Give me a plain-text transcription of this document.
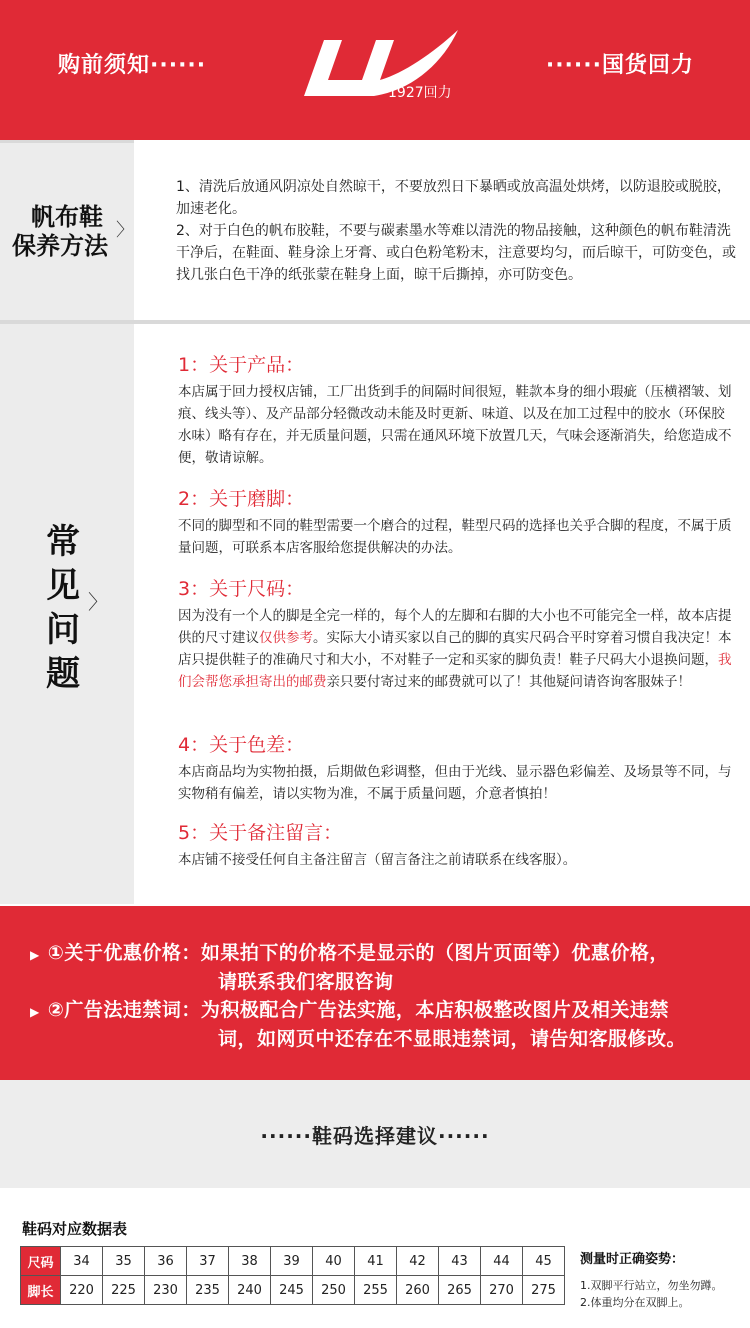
购前须知······
1927回力
······国货回力
帆布鞋
保养方法
〉

1、清洗后放通风阴凉处自然晾干，不要放烈日下暴晒或放高温处烘烤，以防退胶或脱胶，加速老化。

2、对于白色的帆布胶鞋，不要与碳素墨水等难以清洗的物品接触，这种颜色的帆布鞋清洗干净后，在鞋面、鞋身涂上牙膏、或白色粉笔粉末，注意要均匀，而后晾干，可防变色，或找几张白色干净的纸张蒙在鞋身上面，晾干后撕掉，亦可防变色。

常
见
问
题
〉
1：关于产品：

本店属于回力授权店铺，工厂出货到手的间隔时间很短，鞋款本身的细小瑕疵（压横褶皱、划痕、线头等）、及产品部分轻微改动未能及时更新、味道、以及在加工过程中的胶水（环保胶水味）略有存在，并无质量问题，只需在通风环境下放置几天，气味会逐渐消失，给您造成不便，敬请谅解。

2：关于磨脚：

不同的脚型和不同的鞋型需要一个磨合的过程，鞋型尺码的选择也关乎合脚的程度，不属于质量问题，可联系本店客服给您提供解决的办法。

3：关于尺码：

因为没有一个人的脚是全完一样的，每个人的左脚和右脚的大小也不可能完全一样，故本店提供的尺寸建议仅供参考。实际大小请买家以自己的脚的真实尺码合平时穿着习惯自我决定！本店只提供鞋子的准确尺寸和大小，不对鞋子一定和买家的脚负责！鞋子尺码大小退换问题，我们会帮您承担寄出的邮费亲只要付寄过来的邮费就可以了！其他疑问请咨询客服妹子！

4：关于色差：

本店商品均为实物拍摄，后期做色彩调整，但由于光线、显示器色彩偏差、及场景等不同，与实物稍有偏差，请以实物为准，不属于质量问题，介意者慎拍！

5：关于备注留言：

本店铺不接受任何自主备注留言（留言备注之前请联系在线客服）。

▶ ①关于优惠价格：如果拍下的价格不是显示的（图片页面等）优惠价格，
请联系我们客服咨询
▶ ②广告法违禁词：为积极配合广告法实施，本店积极整改图片及相关违禁
词，如网页中还存在不显眼违禁词，请告知客服修改。
······鞋码选择建议······
鞋码对应数据表
尺码	34	35	36	37	38	39	40	41	42	43	44	45
脚长	220	225	230	235	240	245	250	255	260	265	270	275
测量时正确姿势：
1.双脚平行站立，勿坐勿蹲。
2.体重均分在双脚上。
